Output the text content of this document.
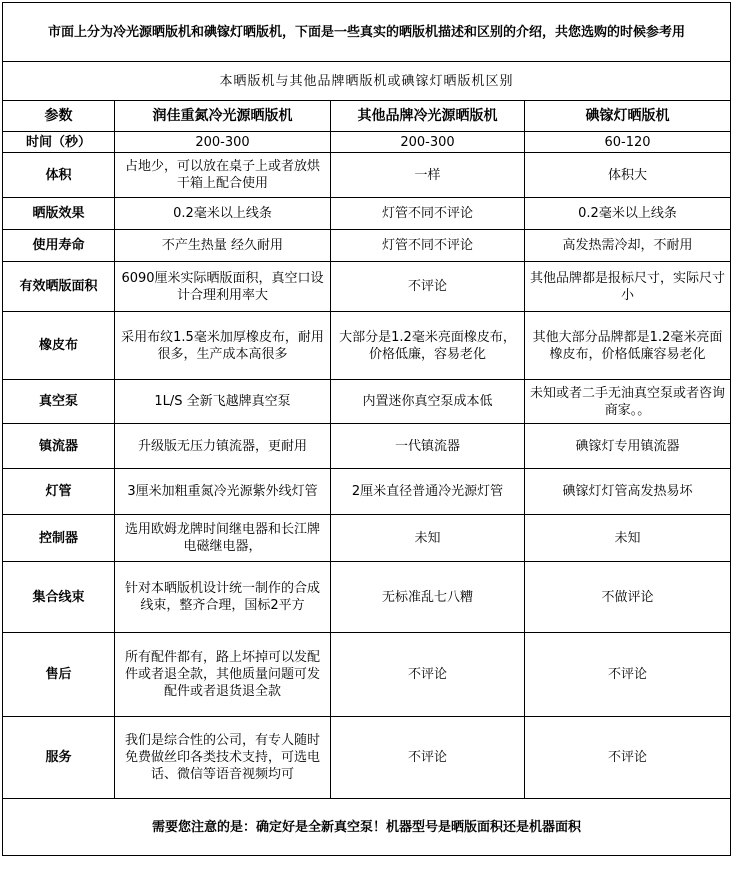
市面上分为冷光源晒版机和碘镓灯晒版机，下面是一些真实的晒版机描述和区别的介绍，共您选购的时候参考用			
本晒版机与其他品牌晒版机或碘镓灯晒版机区别			
参数	润佳重氮冷光源晒版机	其他品牌冷光源晒版机	碘镓灯晒版机
时间（秒）	200-300	200-300	60-120
体积	占地少，可以放在桌子上或者放烘干箱上配合使用	一样	体积大
晒版效果	0.2毫米以上线条	灯管不同不评论	0.2毫米以上线条
使用寿命	不产生热量 经久耐用	灯管不同不评论	高发热需冷却，不耐用
有效晒版面积	6090厘米实际晒版面积，真空口设计合理利用率大	不评论	其他品牌都是报标尺寸，实际尺寸小
橡皮布	采用布纹1.5毫米加厚橡皮布，耐用很多，生产成本高很多	大部分是1.2毫米亮面橡皮布，价格低廉，容易老化	其他大部分品牌都是1.2毫米亮面橡皮布，价格低廉容易老化
真空泵	1L/S 全新飞越牌真空泵	内置迷你真空泵成本低	未知或者二手无油真空泵或者咨询商家。。
镇流器	升级版无压力镇流器，更耐用	一代镇流器	碘镓灯专用镇流器
灯管	3厘米加粗重氮冷光源紫外线灯管	2厘米直径普通冷光源灯管	碘镓灯灯管高发热易坏
控制器	选用欧姆龙牌时间继电器和长江牌电磁继电器，	未知	未知
集合线束	针对本晒版机设计统一制作的合成线束，整齐合理，国标2平方	无标准乱七八糟	不做评论
售后	所有配件都有，路上坏掉可以发配件或者退全款，其他质量问题可发配件或者退货退全款	不评论	不评论
服务	我们是综合性的公司，有专人随时免费做丝印各类技术支持，可选电话、微信等语音视频均可	不评论	不评论
需要您注意的是：确定好是全新真空泵！机器型号是晒版面积还是机器面积			
